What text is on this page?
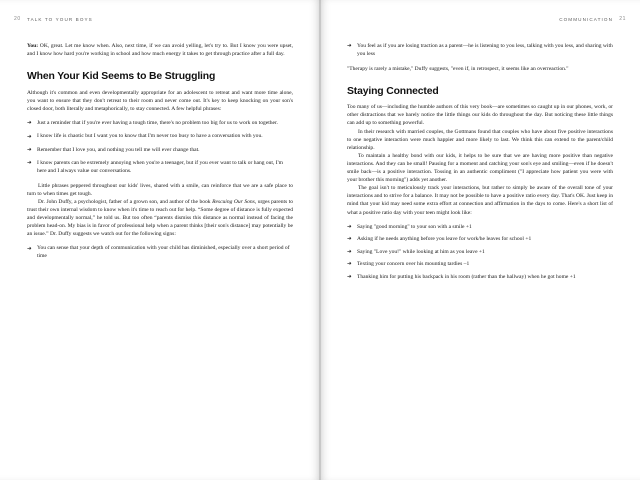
20 TALK TO YOUR BOYS

You: OK, great. Let me know when. Also, next time, if we can avoid yelling, let's try to. But I know you were upset, and I know how hard you're working in school and how much energy it takes to get through practice after a full day.

When Your Kid Seems to Be Struggling

Although it's common and even developmentally appropriate for an adolescent to retreat and want more time alone, you want to ensure that they don't retreat to their room and never come out. It's key to keep knocking on your son's closed door, both literally and metaphorically, to stay connected. A few helpful phrases:

➜ Just a reminder that if you're ever having a tough time, there's no problem too big for us to work on together.
➜ I know life is chaotic but I want you to know that I'm never too busy to have a conversation with you.
➜ Remember that I love you, and nothing you tell me will ever change that.
➜ I know parents can be extremely annoying when you're a teenager, but if you ever want to talk or hang out, I'm here and I always value our conversations.

Little phrases peppered throughout our kids' lives, shared with a smile, can reinforce that we are a safe place to turn to when times get tough.

Dr. John Duffy, a psychologist, father of a grown son, and author of the book Rescuing Our Sons, urges parents to trust their own internal wisdom to know when it's time to reach out for help. “Some degree of distance is fully expected and developmentally normal,” he told us. But too often “parents dismiss this distance as normal instead of facing the problem head-on. My bias is in favor of professional help when a parent thinks [their son's distance] may potentially be an issue.” Dr. Duffy suggests we watch out for the following signs:

➜ You can sense that your depth of communication with your child has diminished, especially over a short period of time
21
COMMUNICATION
➜ You feel as if you are losing traction as a parent—he is listening to you less, talking with you less, and sharing with you less

"Therapy is rarely a mistake," Duffy suggests, "even if, in retrospect, it seems like an overreaction."

Staying Connected

Too many of us—including the humble authors of this very book—are sometimes so caught up in our phones, work, or other distractions that we barely notice the little things our kids do throughout the day. But noticing these little things can add up to something powerful.

In their research with married couples, the Gottmans found that couples who have about five positive interactions to one negative interaction were much happier and more likely to last. We think this can extend to the parent/child relationship.

To maintain a healthy bond with our kids, it helps to be sure that we are having more positive than negative interactions. And they can be small! Pausing for a moment and catching your son's eye and smiling—even if he doesn't smile back—is a positive interaction. Tossing in an authentic compliment ("I appreciate how patient you were with your brother this morning") adds yet another.

The goal isn't to meticulously track your interactions, but rather to simply be aware of the overall tone of your interactions and to strive for a balance. It may not be possible to have a positive ratio every day. That's OK. Just keep in mind that your kid may need some extra effort at connection and affirmation in the days to come. Here's a short list of what a positive ratio day with your teen might look like:

➜ Saying "good morning" to your son with a smile +1
➜ Asking if he needs anything before you leave for work/he leaves for school +1
➜ Saying "Love you!" while looking at him as you leave +1
➜ Texting your concern over his mounting tardies –1
➜ Thanking him for putting his backpack in his room (rather than the hallway) when he got home +1
